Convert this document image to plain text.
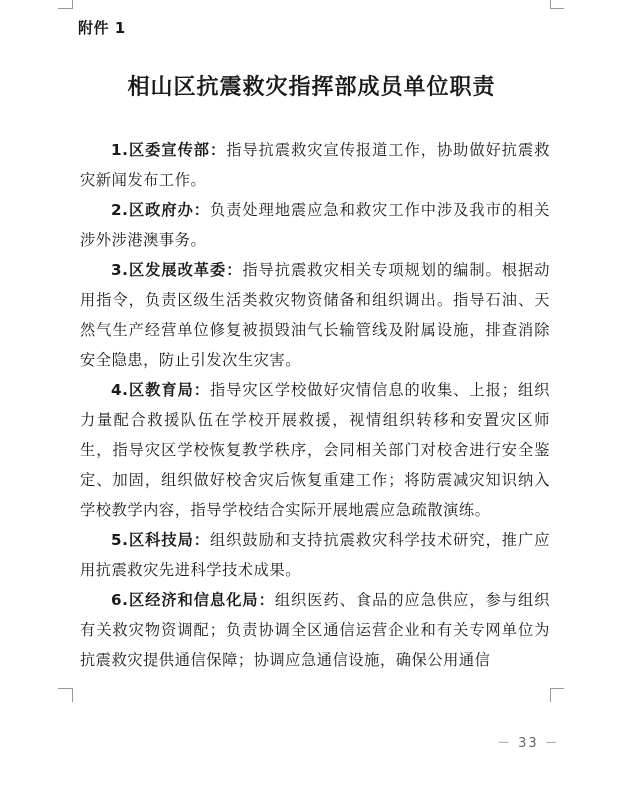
附件 1
相山区抗震救灾指挥部成员单位职责

1.区委宣传部：指导抗震救灾宣传报道工作，协助做好抗震救灾新闻发布工作。

2.区政府办：负责处理地震应急和救灾工作中涉及我市的相关涉外涉港澳事务。

3.区发展改革委：指导抗震救灾相关专项规划的编制。根据动用指令，负责区级生活类救灾物资储备和组织调出。指导石油、天然气生产经营单位修复被损毁油气长输管线及附属设施，排查消除安全隐患，防止引发次生灾害。

4.区教育局：指导灾区学校做好灾情信息的收集、上报；组织力量配合救援队伍在学校开展救援，视情组织转移和安置灾区师生，指导灾区学校恢复教学秩序，会同相关部门对校舍进行安全鉴定、加固，组织做好校舍灾后恢复重建工作；将防震减灾知识纳入学校教学内容，指导学校结合实际开展地震应急疏散演练。

5.区科技局：组织鼓励和支持抗震救灾科学技术研究，推广应用抗震救灾先进科学技术成果。

6.区经济和信息化局：组织医药、食品的应急供应，参与组织有关救灾物资调配；负责协调全区通信运营企业和有关专网单位为抗震救灾提供通信保障；协调应急通信设施，确保公用通信

－ 33 －
